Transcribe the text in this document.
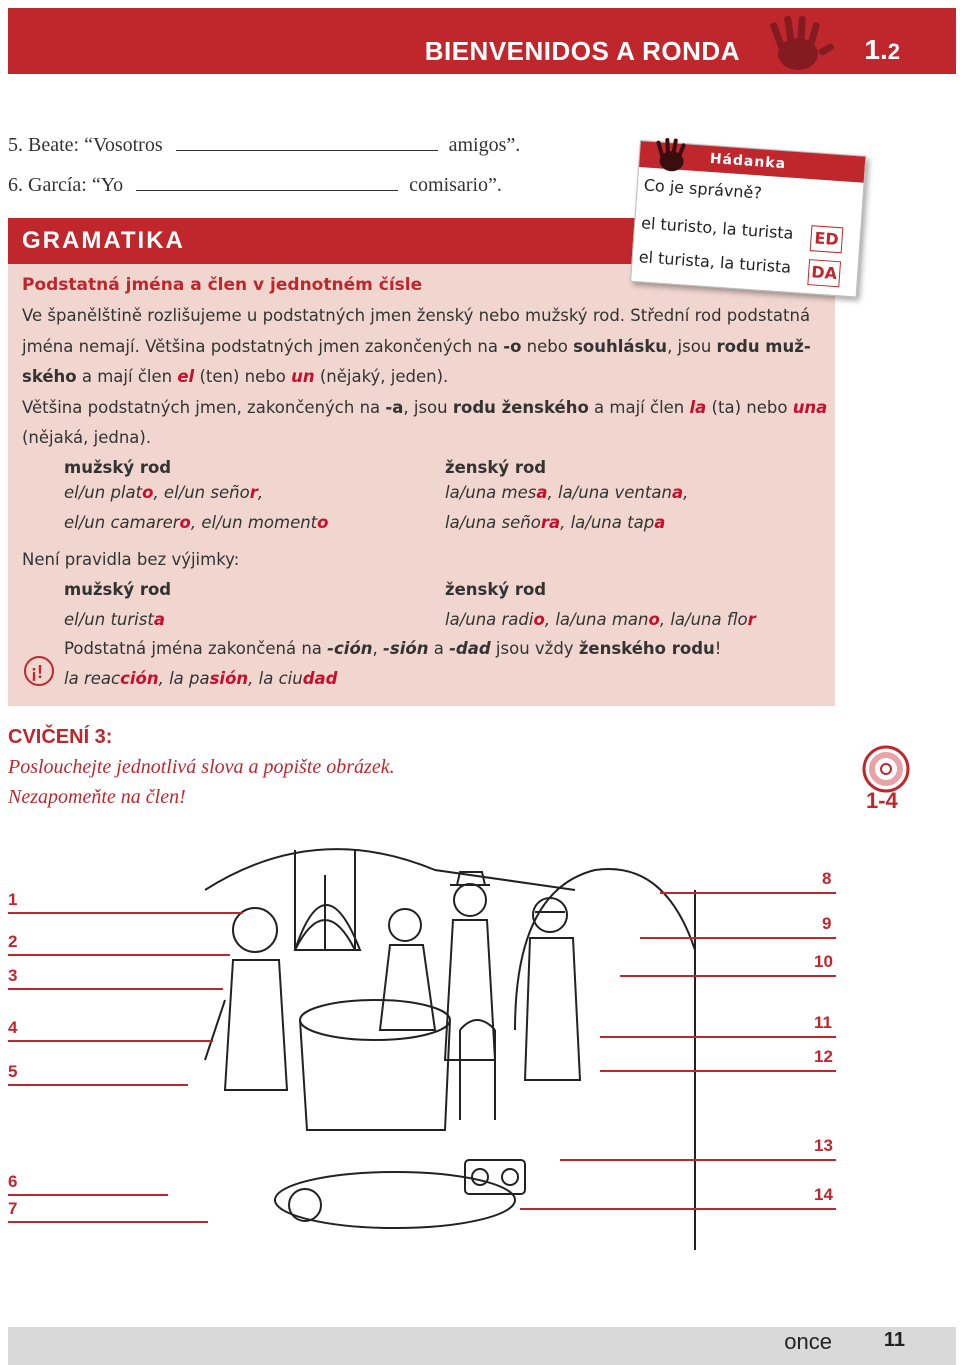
BIENVENIDOS A RONDA	1.2
5. Beate: “Vosotros	amigos”.
6. García: “Yo	comisario”.
GRAMATIKA
Podstatná jména a člen v jednotném čísle
Ve španělštině rozlišujeme u podstatných jmen ženský nebo mužský rod. Střední rod podstatná
jména nemají. Většina podstatných jmen zakončených na -o nebo souhlásku, jsou rodu muž-
ského a mají člen el (ten) nebo un (nějaký, jeden).
Většina podstatných jmen, zakončených na -a, jsou rodu ženského a mají člen la (ta) nebo una
(nějaká, jedna).
mužský rod	ženský rod
el/un plato, el/un señor,	la/una mesa, la/una ventana,
el/un camarero, el/un momento	la/una señora, la/una tapa
Není pravidla bez výjimky:
mužský rod	ženský rod
el/un turista	la/una radio, la/una mano, la/una flor
¡!
Podstatná jména zakončená na -ción, -sión a -dad jsou vždy ženského rodu!
la reacción, la pasión, la ciudad
Hádanka
Co je správně?
el turisto, la turista ED
el turista, la turista DA
CVIČENÍ 3:
Poslouchejte jednotlivá slova a popište obrázek.
Nezapomeňte na člen!	1-4
1
2
3
4
5
6
7
8
9
10
11
12
13
14
once	11
